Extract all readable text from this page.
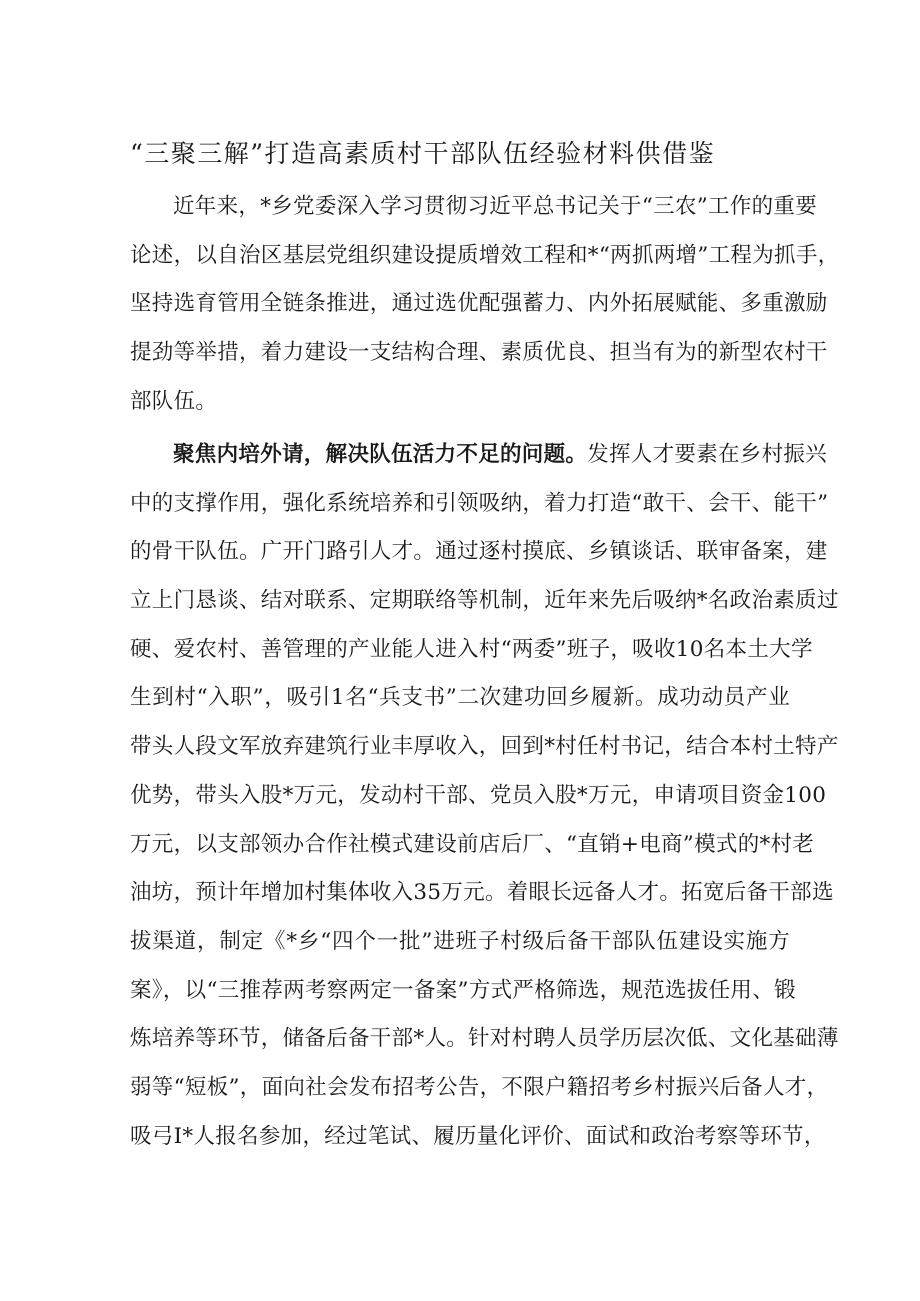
“三聚三解”打造高素质村干部队伍经验材料供借鉴
近年来，*乡党委深入学习贯彻习近平总书记关于“三农”工作的重要
论述，以自治区基层党组织建设提质增效工程和*“两抓两增”工程为抓手，
坚持选育管用全链条推进，通过选优配强蓄力、内外拓展赋能、多重激励
提劲等举措，着力建设一支结构合理、素质优良、担当有为的新型农村干
部队伍。
聚焦内培外请，解决队伍活力不足的问题。发挥人才要素在乡村振兴
中的支撑作用，强化系统培养和引领吸纳，着力打造“敢干、会干、能干”
的骨干队伍。广开门路引人才。通过逐村摸底、乡镇谈话、联审备案，建
立上门恳谈、结对联系、定期联络等机制，近年来先后吸纳*名政治素质过
硬、爱农村、善管理的产业能人进入村“两委”班子，吸收10名本土大学
生到村“入职”，吸引1名“兵支书”二次建功回乡履新。成功动员产业
带头人段文军放弃建筑行业丰厚收入，回到*村任村书记，结合本村土特产
优势，带头入股*万元，发动村干部、党员入股*万元，申请项目资金100
万元，以支部领办合作社模式建设前店后厂、“直销+电商”模式的*村老
油坊，预计年增加村集体收入35万元。着眼长远备人才。拓宽后备干部选
拔渠道，制定《*乡“四个一批”进班子村级后备干部队伍建设实施方
案》，以“三推荐两考察两定一备案”方式严格筛选，规范选拔任用、锻
炼培养等环节，储备后备干部*人。针对村聘人员学历层次低、文化基础薄
弱等“短板”，面向社会发布招考公告，不限户籍招考乡村振兴后备人才，
吸弓I*人报名参加，经过笔试、履历量化评价、面试和政治考察等环节，
